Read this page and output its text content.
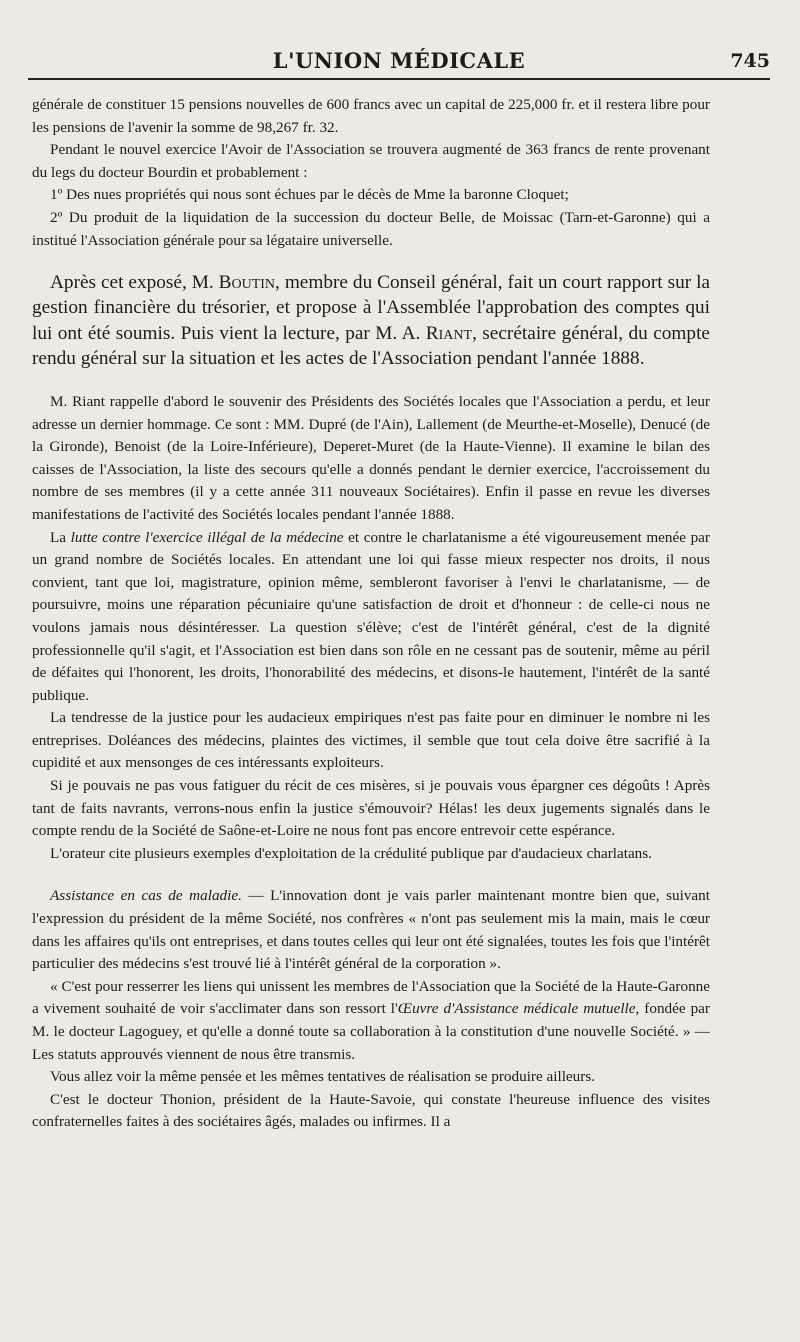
L'UNION MÉDICALE	745

générale de constituer 15 pensions nouvelles de 600 francs avec un capital de 225,000 fr. et il restera libre pour les pensions de l'avenir la somme de 98,267 fr. 32.

Pendant le nouvel exercice l'Avoir de l'Association se trouvera augmenté de 363 francs de rente provenant du legs du docteur Bourdin et probablement :

1º Des nues propriétés qui nous sont échues par le décès de Mme la baronne Cloquet;

2º Du produit de la liquidation de la succession du docteur Belle, de Moissac (Tarn-et-Garonne) qui a institué l'Association générale pour sa légataire universelle.

Après cet exposé, M. Boutin, membre du Conseil général, fait un court rapport sur la gestion financière du trésorier, et propose à l'Assemblée l'approbation des comptes qui lui ont été soumis. Puis vient la lecture, par M. A. Riant, secrétaire général, du compte rendu général sur la situation et les actes de l'Association pendant l'année 1888.

M. Riant rappelle d'abord le souvenir des Présidents des Sociétés locales que l'Association a perdu, et leur adresse un dernier hommage. Ce sont : MM. Dupré (de l'Ain), Lallement (de Meurthe-et-Moselle), Denucé (de la Gironde), Benoist (de la Loire-Inférieure), Deperet-Muret (de la Haute-Vienne). Il examine le bilan des caisses de l'Association, la liste des secours qu'elle a donnés pendant le dernier exercice, l'accroissement du nombre de ses membres (il y a cette année 311 nouveaux Sociétaires). Enfin il passe en revue les diverses manifestations de l'activité des Sociétés locales pendant l'année 1888.

La lutte contre l'exercice illégal de la médecine et contre le charlatanisme a été vigoureusement menée par un grand nombre de Sociétés locales. En attendant une loi qui fasse mieux respecter nos droits, il nous convient, tant que loi, magistrature, opinion même, sembleront favoriser à l'envi le charlatanisme, — de poursuivre, moins une réparation pécuniaire qu'une satisfaction de droit et d'honneur : de celle-ci nous ne voulons jamais nous désintéresser. La question s'élève; c'est de l'intérêt général, c'est de la dignité professionnelle qu'il s'agit, et l'Association est bien dans son rôle en ne cessant pas de soutenir, même au péril de défaites qui l'honorent, les droits, l'honorabilité des médecins, et disons-le hautement, l'intérêt de la santé publique.

La tendresse de la justice pour les audacieux empiriques n'est pas faite pour en diminuer le nombre ni les entreprises. Doléances des médecins, plaintes des victimes, il semble que tout cela doive être sacrifié à la cupidité et aux mensonges de ces intéressants exploiteurs.

Si je pouvais ne pas vous fatiguer du récit de ces misères, si je pouvais vous épargner ces dégoûts ! Après tant de faits navrants, verrons-nous enfin la justice s'émouvoir? Hélas! les deux jugements signalés dans le compte rendu de la Société de Saône-et-Loire ne nous font pas encore entrevoir cette espérance.

L'orateur cite plusieurs exemples d'exploitation de la crédulité publique par d'audacieux charlatans.

Assistance en cas de maladie. — L'innovation dont je vais parler maintenant montre bien que, suivant l'expression du président de la même Société, nos confrères « n'ont pas seulement mis la main, mais le cœur dans les affaires qu'ils ont entreprises, et dans toutes celles qui leur ont été signalées, toutes les fois que l'intérêt particulier des médecins s'est trouvé lié à l'intérêt général de la corporation ».

« C'est pour resserrer les liens qui unissent les membres de l'Association que la Société de la Haute-Garonne a vivement souhaité de voir s'acclimater dans son ressort l'Œuvre d'Assistance médicale mutuelle, fondée par M. le docteur Lagoguey, et qu'elle a donné toute sa collaboration à la constitution d'une nouvelle Société. » — Les statuts approuvés viennent de nous être transmis.

Vous allez voir la même pensée et les mêmes tentatives de réalisation se produire ailleurs.

C'est le docteur Thonion, président de la Haute-Savoie, qui constate l'heureuse influence des visites confraternelles faites à des sociétaires âgés, malades ou infirmes. Il a
